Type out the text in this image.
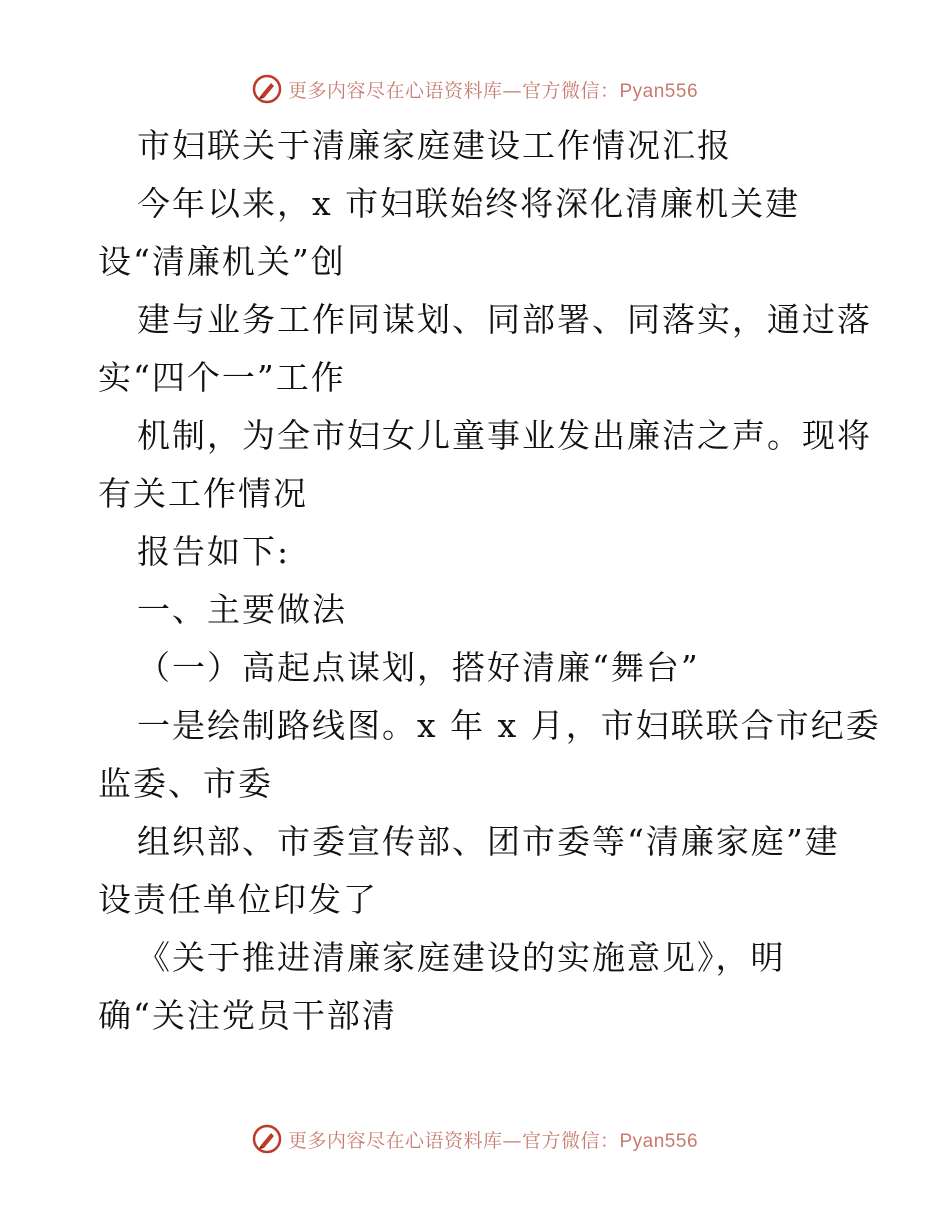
更多内容尽在心语资料库—官方微信：Pyan556
市妇联关于清廉家庭建设工作情况汇报
今年以来，x 市妇联始终将深化清廉机关建
设“清廉机关”创
建与业务工作同谋划、同部署、同落实，通过落
实“四个一”工作
机制，为全市妇女儿童事业发出廉洁之声。现将
有关工作情况
报告如下:
一、主要做法
（一）高起点谋划，搭好清廉“舞台”
一是绘制路线图。x 年 x 月，市妇联联合市纪委
监委、市委
组织部、市委宣传部、团市委等“清廉家庭”建
设责任单位印发了
《关于推进清廉家庭建设的实施意见》，明
确“关注党员干部清
更多内容尽在心语资料库—官方微信：Pyan556
